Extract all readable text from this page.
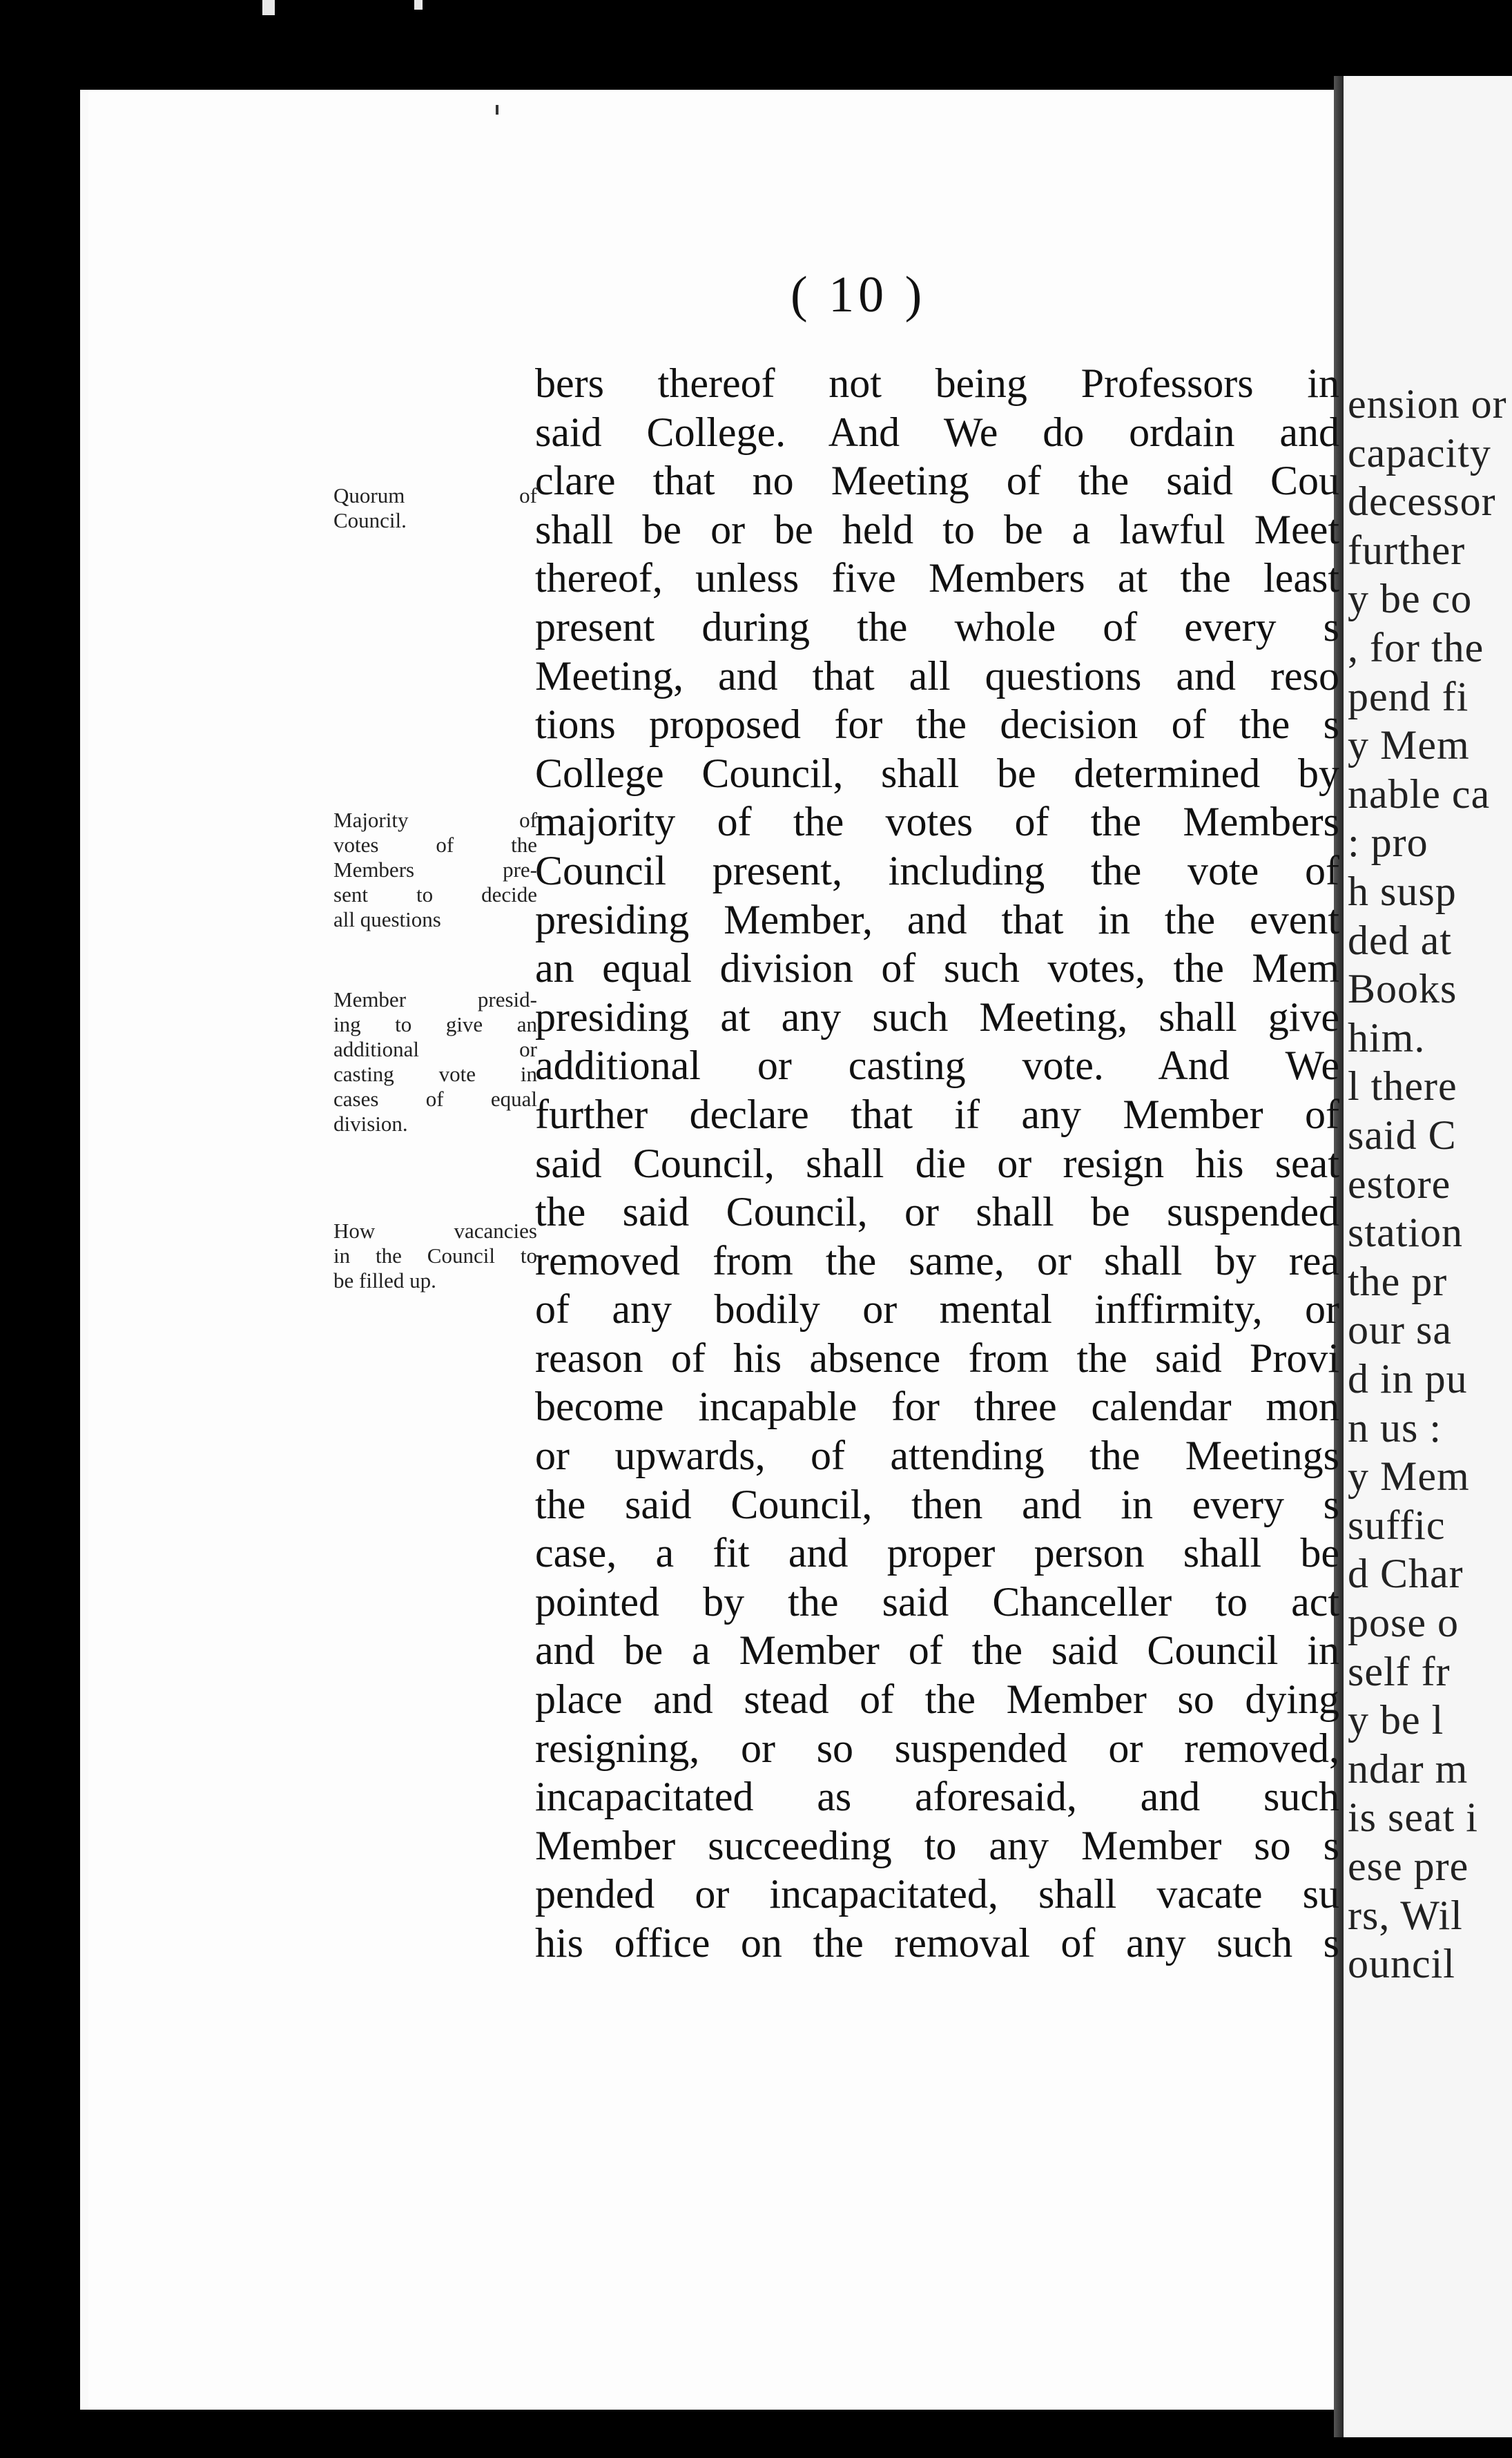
ension or
capacity
decessor
further
y be co
, for the
pend fi
y Mem
nable ca
: pro
h susp
ded at
Books
him.
l there
said C
estore
station
the pr
our sa
d in pu
n us :
y Mem
suffic
d Char
pose o
self fr
y be l
ndar m
is seat i
ese pre
rs, Wil
ouncil
( 10 )
bers thereof not being Professors in
said College. And We do ordain and
clare that no Meeting of the said Cou
shall be or be held to be a lawful Meet
thereof, unless five Members at the least
present during the whole of every s
Meeting, and that all questions and reso
tions proposed for the decision of the s
College Council, shall be determined by
majority of the votes of the Members
Council present, including the vote of
presiding Member, and that in the event
an equal division of such votes, the Mem
presiding at any such Meeting, shall give
additional or casting vote. And We
further declare that if any Member of
said Council, shall die or resign his seat
the said Council, or shall be suspended
removed from the same, or shall by rea
of any bodily or mental inffirmity, or
reason of his absence from the said Provi
become incapable for three calendar mon
or upwards, of attending the Meetings
the said Council, then and in every s
case, a fit and proper person shall be
pointed by the said Chanceller to act
and be a Member of the said Council in
place and stead of the Member so dying
resigning, or so suspended or removed,
incapacitated as aforesaid, and such
Member succeeding to any Member so s
pended or incapacitated, shall vacate su
his office on the removal of any such s
Quorum of
Council.
Majority of
votes of the
Members pre-
sent to decide
all questions
Member presid-
ing to give an
additional or
casting vote in
cases of equal
division.
How vacancies
in the Council to
be filled up.
